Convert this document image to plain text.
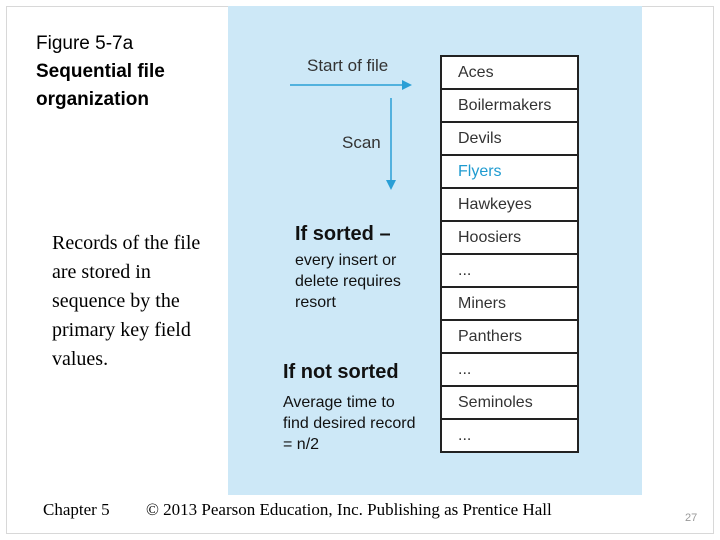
Figure 5-7a
Sequential file
organization
Records of the file are stored in sequence by the primary key field values.
Start of file
Scan
Aces
Boilermakers
Devils
Flyers
Hawkeyes
Hoosiers
...
Miners
Panthers
...
Seminoles
...
If sorted –
every insert or
delete requires
resort
If not sorted
Average time to
find desired record
= n/2
Chapter 5 © 2013 Pearson Education, Inc. Publishing as Prentice Hall	27
